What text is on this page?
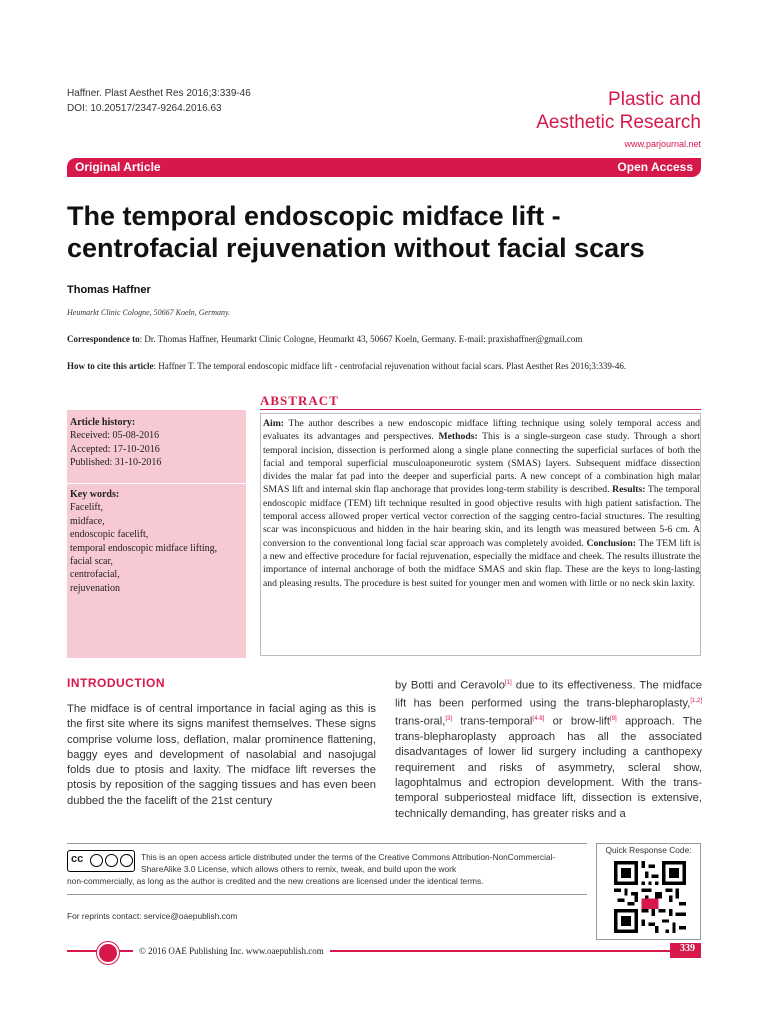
Haffner. Plast Aesthet Res 2016;3:339-46
DOI: 10.20517/2347-9264.2016.63	Plastic and
Aesthetic Research
www.parjournal.net
Original Article	Open Access
The temporal endoscopic midface lift - centrofacial rejuvenation without facial scars
Thomas Haffner
Heumarkt Clinic Cologne, 50667 Koeln, Germany.
Correspondence to: Dr. Thomas Haffner, Heumarkt Clinic Cologne, Heumarkt 43, 50667 Koeln, Germany. E-mail: praxishaffner@gmail.com
How to cite this article: Haffner T. The temporal endoscopic midface lift - centrofacial rejuvenation without facial scars. Plast Aesthet Res 2016;3:339-46.
ABSTRACT
Article history:
Received: 05-08-2016
Accepted: 17-10-2016
Published: 31-10-2016
Key words:
Facelift,
midface,
endoscopic facelift,
temporal endoscopic midface lifting,
facial scar,
centrofacial,
rejuvenation
Aim: The author describes a new endoscopic midface lifting technique using solely temporal access and evaluates its advantages and perspectives. Methods: This is a single-surgeon case study. Through a short temporal incision, dissection is performed along a single plane connecting the superficial surfaces of both the facial and temporal superficial musculoaponeurotic system (SMAS) layers. Subsequent midface dissection divides the malar fat pad into the deeper and superficial parts. A new concept of a combination high malar SMAS lift and internal skin flap anchorage that provides long-term stability is described. Results: The temporal endoscopic midface (TEM) lift technique resulted in good objective results with high patient satisfaction. The temporal access allowed proper vertical vector correction of the sagging centro-facial structures. The resulting scar was inconspicuous and hidden in the hair bearing skin, and its length was measured between 5-6 cm. A conversion to the conventional long facial scar approach was completely avoided. Conclusion: The TEM lift is a new and effective procedure for facial rejuvenation, especially the midface and cheek. The results illustrate the importance of internal anchorage of both the midface SMAS and skin flap. These are the keys to long-lasting and pleasing results. The procedure is best suited for younger men and women with little or no neck skin laxity.
INTRODUCTION
The midface is of central importance in facial aging as this is the first site where its signs manifest themselves. These signs comprise volume loss, deflation, malar prominence flattening, baggy eyes and development of nasolabial and nasojugal folds due to ptosis and laxity. The midface lift reverses the ptosis by reposition of the sagging tissues and has even been dubbed the the facelift of the 21st century
by Botti and Ceravolo[1] due to its effectiveness. The midface lift has been performed using the trans-blepharoplasty,[1,2] trans-oral,[3] trans-temporal[4-8] or brow-lift[9] approach. The trans-blepharoplasty approach has all the associated disadvantages of lower lid surgery including a canthopexy requirement and risks of asymmetry, scleral show, lagophtalmus and ectropion development. With the trans-temporal subperiosteal midface lift, dissection is extensive, technically demanding, has greater risks and a
cc	This is an open access article distributed under the terms of the Creative Commons Attribution-NonCommercial-ShareAlike 3.0 License, which allows others to remix, tweak, and build upon the work
non-commercially, as long as the author is credited and the new creations are licensed under the identical terms.
Quick Response Code:
For reprints contact: service@oaepublish.com
© 2016 OAE Publishing Inc. www.oaepublish.com	339
